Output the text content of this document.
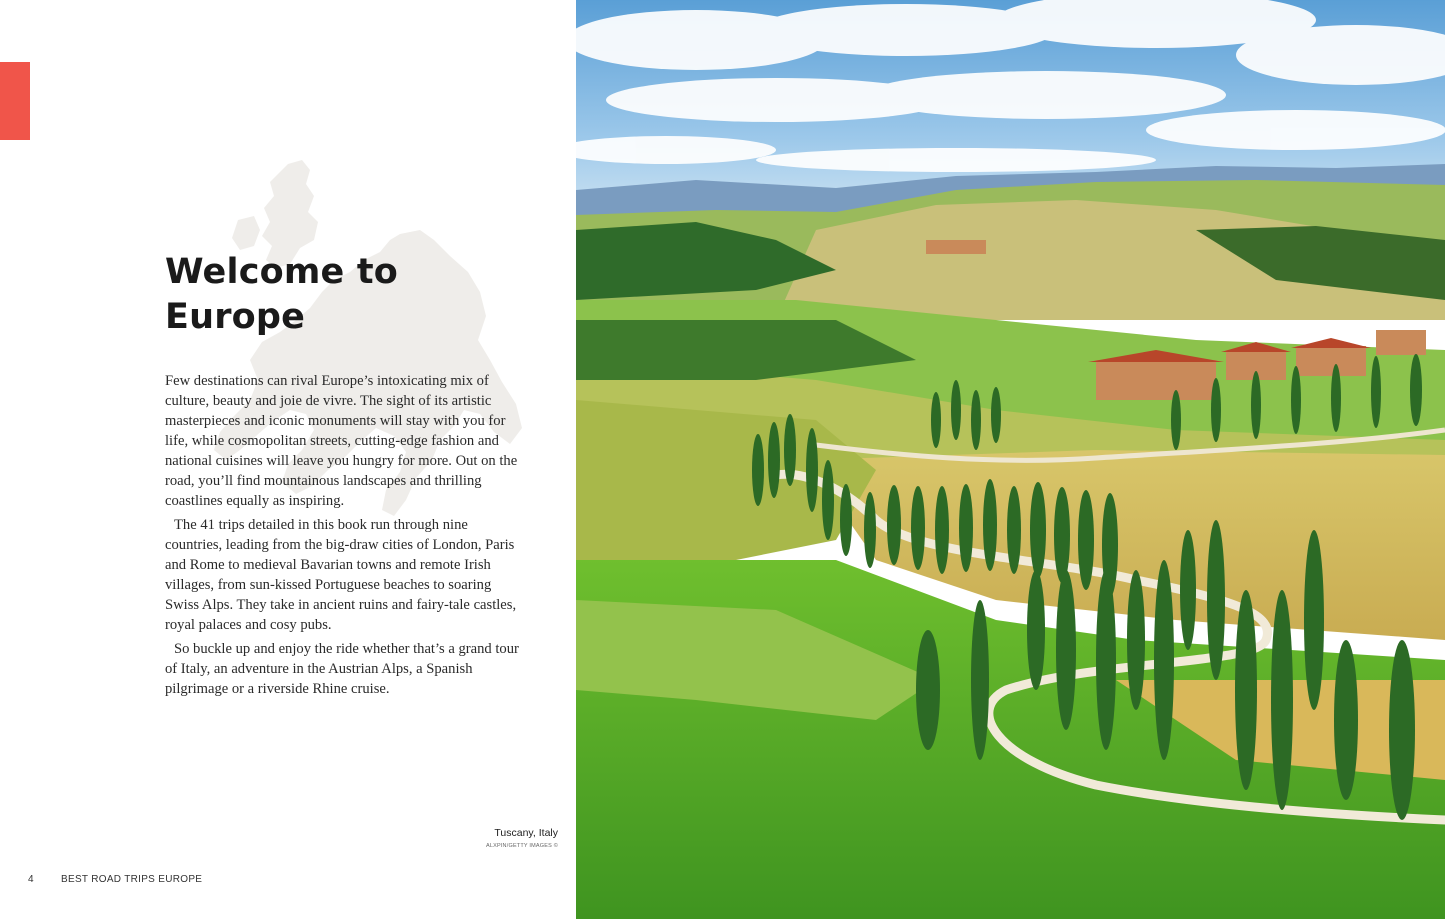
Welcome to
Europe

Few destinations can rival Europe’s intoxicating mix of culture, beauty and joie de vivre. The sight of its artistic masterpieces and iconic monuments will stay with you for life, while cosmopolitan streets, cutting-edge fashion and national cuisines will leave you hungry for more. Out on the road, you’ll find mountainous landscapes and thrilling coastlines equally as inspiring.

The 41 trips detailed in this book run through nine countries, leading from the big-draw cities of London, Paris and Rome to medieval Bavarian towns and remote Irish villages, from sun-kissed Portuguese beaches to soaring Swiss Alps. They take in ancient ruins and fairy-tale castles, royal palaces and cosy pubs.

So buckle up and enjoy the ride whether that’s a grand tour of Italy, an adventure in the Austrian Alps, a Spanish pilgrimage or a riverside Rhine cruise.

Tuscany, Italy
ALXPIN/GETTY IMAGES ©
4	BEST ROAD TRIPS EUROPE
